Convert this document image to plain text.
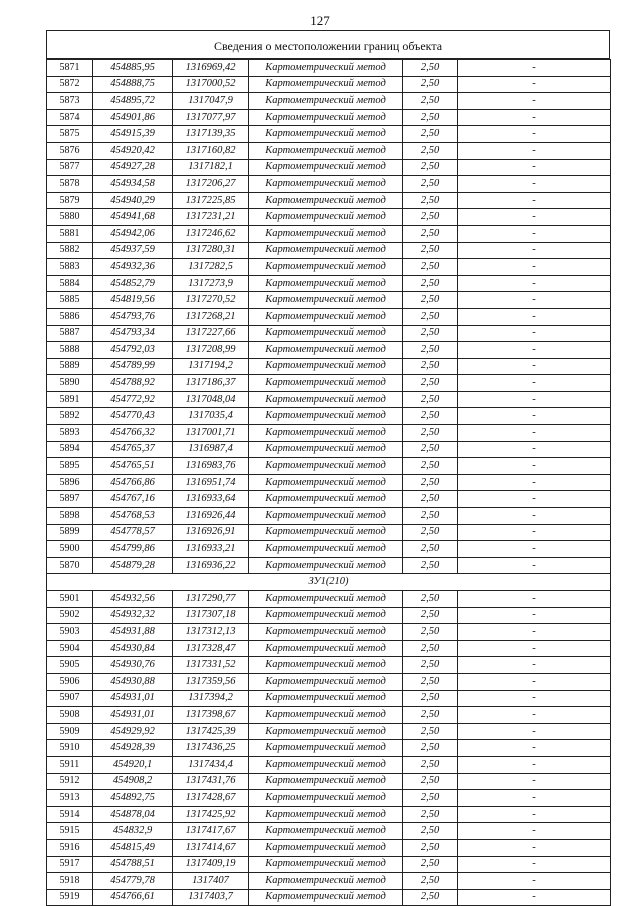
127
Сведения о местоположении границ объекта
5871	454885,95	1316969,42	Картометрический метод	2,50	-
5872	454888,75	1317000,52	Картометрический метод	2,50	-
5873	454895,72	1317047,9	Картометрический метод	2,50	-
5874	454901,86	1317077,97	Картометрический метод	2,50	-
5875	454915,39	1317139,35	Картометрический метод	2,50	-
5876	454920,42	1317160,82	Картометрический метод	2,50	-
5877	454927,28	1317182,1	Картометрический метод	2,50	-
5878	454934,58	1317206,27	Картометрический метод	2,50	-
5879	454940,29	1317225,85	Картометрический метод	2,50	-
5880	454941,68	1317231,21	Картометрический метод	2,50	-
5881	454942,06	1317246,62	Картометрический метод	2,50	-
5882	454937,59	1317280,31	Картометрический метод	2,50	-
5883	454932,36	1317282,5	Картометрический метод	2,50	-
5884	454852,79	1317273,9	Картометрический метод	2,50	-
5885	454819,56	1317270,52	Картометрический метод	2,50	-
5886	454793,76	1317268,21	Картометрический метод	2,50	-
5887	454793,34	1317227,66	Картометрический метод	2,50	-
5888	454792,03	1317208,99	Картометрический метод	2,50	-
5889	454789,99	1317194,2	Картометрический метод	2,50	-
5890	454788,92	1317186,37	Картометрический метод	2,50	-
5891	454772,92	1317048,04	Картометрический метод	2,50	-
5892	454770,43	1317035,4	Картометрический метод	2,50	-
5893	454766,32	1317001,71	Картометрический метод	2,50	-
5894	454765,37	1316987,4	Картометрический метод	2,50	-
5895	454765,51	1316983,76	Картометрический метод	2,50	-
5896	454766,86	1316951,74	Картометрический метод	2,50	-
5897	454767,16	1316933,64	Картометрический метод	2,50	-
5898	454768,53	1316926,44	Картометрический метод	2,50	-
5899	454778,57	1316926,91	Картометрический метод	2,50	-
5900	454799,86	1316933,21	Картометрический метод	2,50	-
5870	454879,28	1316936,22	Картометрический метод	2,50	-
ЗУ1(210)					
5901	454932,56	1317290,77	Картометрический метод	2,50	-
5902	454932,32	1317307,18	Картометрический метод	2,50	-
5903	454931,88	1317312,13	Картометрический метод	2,50	-
5904	454930,84	1317328,47	Картометрический метод	2,50	-
5905	454930,76	1317331,52	Картометрический метод	2,50	-
5906	454930,88	1317359,56	Картометрический метод	2,50	-
5907	454931,01	1317394,2	Картометрический метод	2,50	-
5908	454931,01	1317398,67	Картометрический метод	2,50	-
5909	454929,92	1317425,39	Картометрический метод	2,50	-
5910	454928,39	1317436,25	Картометрический метод	2,50	-
5911	454920,1	1317434,4	Картометрический метод	2,50	-
5912	454908,2	1317431,76	Картометрический метод	2,50	-
5913	454892,75	1317428,67	Картометрический метод	2,50	-
5914	454878,04	1317425,92	Картометрический метод	2,50	-
5915	454832,9	1317417,67	Картометрический метод	2,50	-
5916	454815,49	1317414,67	Картометрический метод	2,50	-
5917	454788,51	1317409,19	Картометрический метод	2,50	-
5918	454779,78	1317407	Картометрический метод	2,50	-
5919	454766,61	1317403,7	Картометрический метод	2,50	-
